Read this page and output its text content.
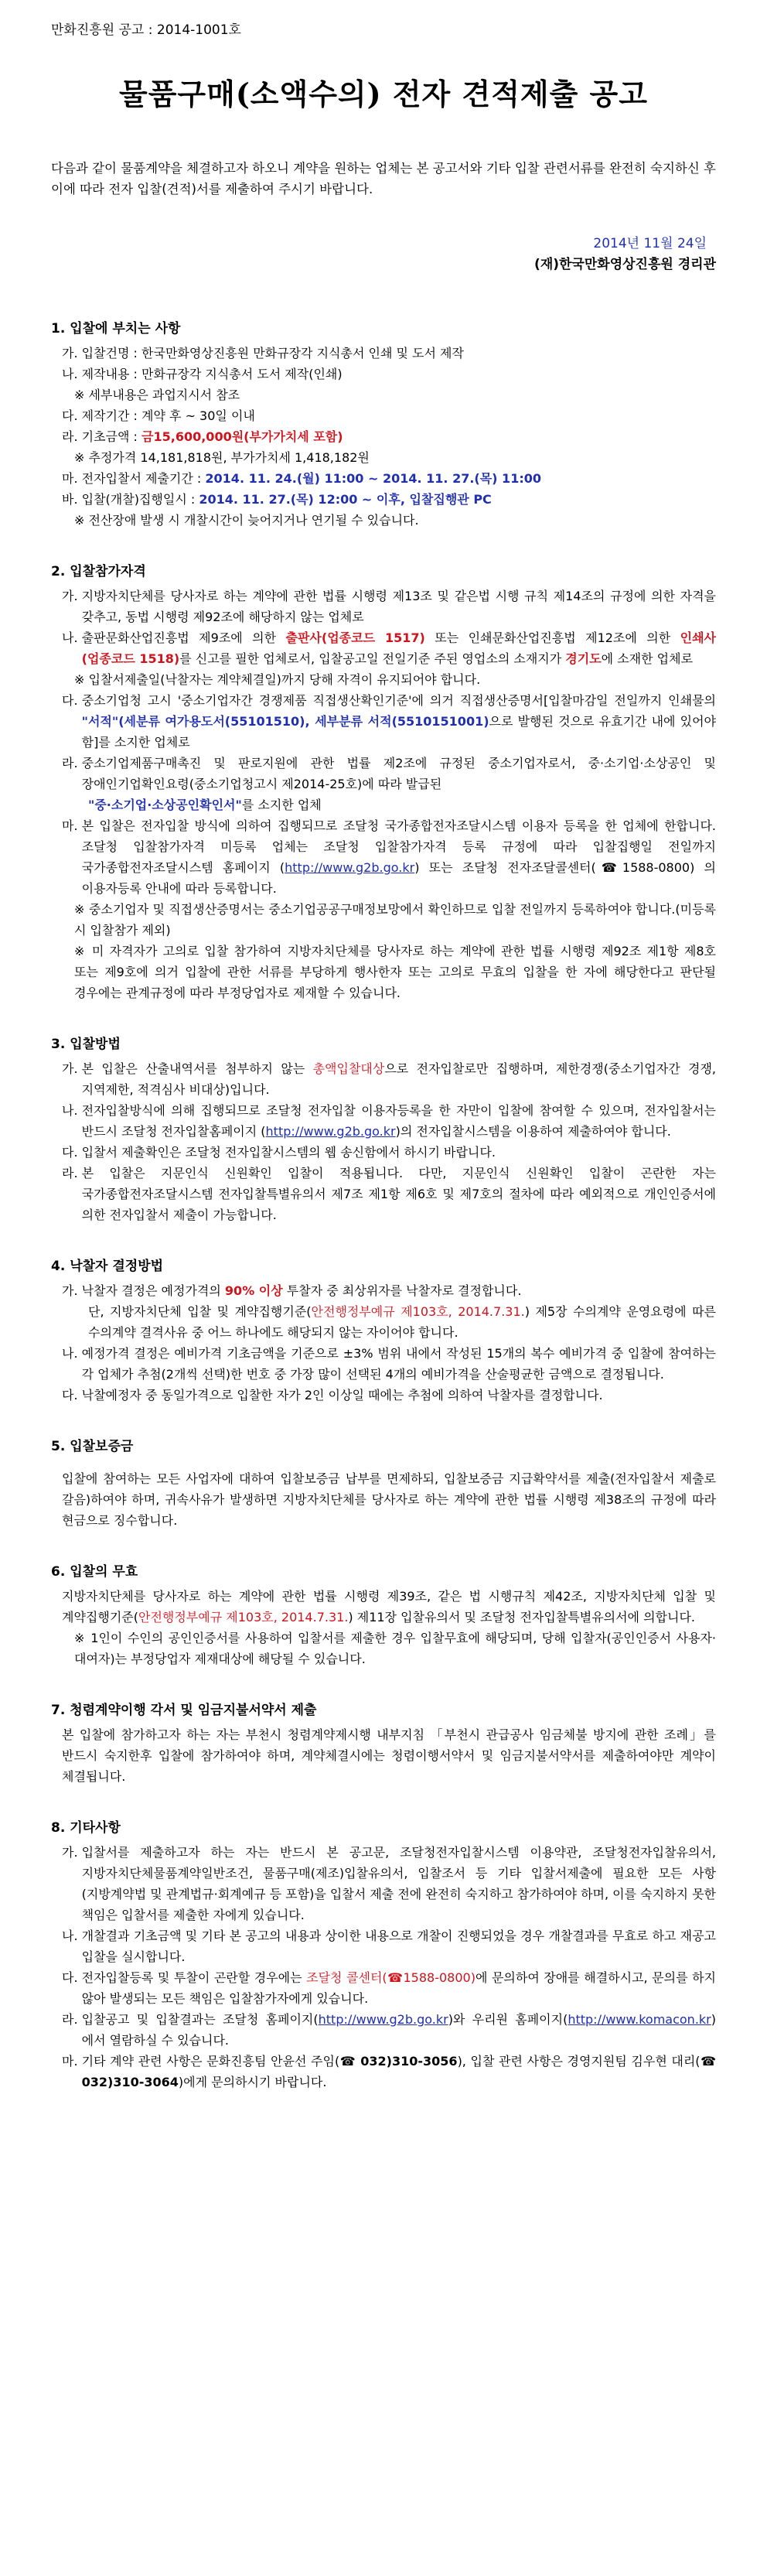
만화진흥원 공고 : 2014-1001호
물품구매(소액수의) 전자 견적제출 공고

다음과 같이 물품계약을 체결하고자 하오니 계약을 원하는 업체는 본 공고서와 기타 입찰 관련서류를 완전히 숙지하신 후 이에 따라 전자 입찰(견적)서를 제출하여 주시기 바랍니다.

2014년 11월 24일
(재)한국만화영상진흥원 경리관
1. 입찰에 부치는 사항
가. 입찰건명 : 한국만화영상진흥원 만화규장각 지식총서 인쇄 및 도서 제작
나. 제작내용 : 만화규장각 지식총서 도서 제작(인쇄)
※ 세부내용은 과업지시서 참조
다. 제작기간 : 계약 후 ~ 30일 이내
라. 기초금액 : 금15,600,000원(부가가치세 포함)
※ 추정가격 14,181,818원, 부가가치세 1,418,182원
마. 전자입찰서 제출기간 : 2014. 11. 24.(월) 11:00 ~ 2014. 11. 27.(목) 11:00
바. 입찰(개찰)집행일시 : 2014. 11. 27.(목) 12:00 ~ 이후, 입찰집행관 PC
※ 전산장애 발생 시 개찰시간이 늦어지거나 연기될 수 있습니다.
2. 입찰참가자격
가. 지방자치단체를 당사자로 하는 계약에 관한 법률 시행령 제13조 및 같은법 시행 규칙 제14조의 규정에 의한 자격을 갖추고, 동법 시행령 제92조에 해당하지 않는 업체로
나. 출판문화산업진흥법 제9조에 의한 출판사(업종코드 1517) 또는 인쇄문화산업진흥법 제12조에 의한 인쇄사(업종코드 1518)를 신고를 필한 업체로서, 입찰공고일 전일기준 주된 영업소의 소재지가 경기도에 소재한 업체로
※ 입찰서제출일(낙찰자는 계약체결일)까지 당해 자격이 유지되어야 합니다.
다. 중소기업청 고시 '중소기업자간 경쟁제품 직접생산확인기준'에 의거 직접생산증명서[입찰마감일 전일까지 인쇄물의 "서적"(세분류 여가용도서(55101510), 세부분류 서적(5510151001)으로 발행된 것으로 유효기간 내에 있어야 함]를 소지한 업체로
라. 중소기업제품구매촉진 및 판로지원에 관한 법률 제2조에 규정된 중소기업자로서, 중·소기업·소상공인 및 장애인기업확인요령(중소기업청고시 제2014-25호)에 따라 발급된
"중·소기업·소상공인확인서"를 소지한 업체
마. 본 입찰은 전자입찰 방식에 의하여 집행되므로 조달청 국가종합전자조달시스템 이용자 등록을 한 업체에 한합니다. 조달청 입찰참가자격 미등록 업체는 조달청 입찰참가자격 등록 규정에 따라 입찰집행일 전일까지 국가종합전자조달시스템 홈페이지 (http://www.g2b.go.kr) 또는 조달청 전자조달콜센터(☎1588-0800) 의 이용자등록 안내에 따라 등록합니다.
※ 중소기업자 및 직접생산증명서는 중소기업공공구매정보망에서 확인하므로 입찰 전일까지 등록하여야 합니다.(미등록 시 입찰참가 제외)
※ 미 자격자가 고의로 입찰 참가하여 지방자치단체를 당사자로 하는 계약에 관한 법률 시행령 제92조 제1항 제8호 또는 제9호에 의거 입찰에 관한 서류를 부당하게 행사한자 또는 고의로 무효의 입찰을 한 자에 해당한다고 판단될 경우에는 관계규정에 따라 부정당업자로 제재할 수 있습니다.
3. 입찰방법
가. 본 입찰은 산출내역서를 첨부하지 않는 총액입찰대상으로 전자입찰로만 집행하며, 제한경쟁(중소기업자간 경쟁, 지역제한, 적격심사 비대상)입니다.
나. 전자입찰방식에 의해 집행되므로 조달청 전자입찰 이용자등록을 한 자만이 입찰에 참여할 수 있으며, 전자입찰서는 반드시 조달청 전자입찰홈페이지 (http://www.g2b.go.kr)의 전자입찰시스템을 이용하여 제출하여야 합니다.
다. 입찰서 제출확인은 조달청 전자입찰시스템의 웹 송신함에서 하시기 바랍니다.
라. 본 입찰은 지문인식 신원확인 입찰이 적용됩니다. 다만, 지문인식 신원확인 입찰이 곤란한 자는 국가종합전자조달시스템 전자입찰특별유의서 제7조 제1항 제6호 및 제7호의 절차에 따라 예외적으로 개인인증서에 의한 전자입찰서 제출이 가능합니다.
4. 낙찰자 결정방법
가. 낙찰자 결정은 예정가격의 90% 이상 투찰자 중 최상위자를 낙찰자로 결정합니다.
단, 지방자치단체 입찰 및 계약집행기준(안전행정부예규 제103호, 2014.7.31.) 제5장 수의계약 운영요령에 따른 수의계약 결격사유 중 어느 하나에도 해당되지 않는 자이어야 합니다.
나. 예정가격 결정은 예비가격 기초금액을 기준으로 ±3% 범위 내에서 작성된 15개의 복수 예비가격 중 입찰에 참여하는 각 업체가 추첨(2개씩 선택)한 번호 중 가장 많이 선택된 4개의 예비가격을 산술평균한 금액으로 결정됩니다.
다. 낙찰예정자 중 동일가격으로 입찰한 자가 2인 이상일 때에는 추첨에 의하여 낙찰자를 결정합니다.
5. 입찰보증금
입찰에 참여하는 모든 사업자에 대하여 입찰보증금 납부를 면제하되, 입찰보증금 지급확약서를 제출(전자입찰서 제출로 갈음)하여야 하며, 귀속사유가 발생하면 지방자치단체를 당사자로 하는 계약에 관한 법률 시행령 제38조의 규정에 따라 현금으로 징수합니다.
6. 입찰의 무효
지방자치단체를 당사자로 하는 계약에 관한 법률 시행령 제39조, 같은 법 시행규칙 제42조, 지방자치단체 입찰 및 계약집행기준(안전행정부예규 제103호, 2014.7.31.) 제11장 입찰유의서 및 조달청 전자입찰특별유의서에 의합니다.
※ 1인이 수인의 공인인증서를 사용하여 입찰서를 제출한 경우 입찰무효에 해당되며, 당해 입찰자(공인인증서 사용자·대여자)는 부정당업자 제재대상에 해당될 수 있습니다.
7. 청렴계약이행 각서 및 임금지불서약서 제출
본 입찰에 참가하고자 하는 자는 부천시 청렴계약제시행 내부지침 「부천시 관급공사 임금체불 방지에 관한 조례」를 반드시 숙지한후 입찰에 참가하여야 하며, 계약체결시에는 청렴이행서약서 및 임금지불서약서를 제출하여야만 계약이 체결됩니다.
8. 기타사항
가. 입찰서를 제출하고자 하는 자는 반드시 본 공고문, 조달청전자입찰시스템 이용약관, 조달청전자입찰유의서, 지방자치단체물품계약일반조건, 물품구매(제조)입찰유의서, 입찰조서 등 기타 입찰서제출에 필요한 모든 사항(지방계약법 및 관계법규·회계예규 등 포함)을 입찰서 제출 전에 완전히 숙지하고 참가하여야 하며, 이를 숙지하지 못한 책임은 입찰서를 제출한 자에게 있습니다.
나. 개찰결과 기초금액 및 기타 본 공고의 내용과 상이한 내용으로 개찰이 진행되었을 경우 개찰결과를 무효로 하고 재공고 입찰을 실시합니다.
다. 전자입찰등록 및 투찰이 곤란할 경우에는 조달청 콜센터(☎1588-0800)에 문의하여 장애를 해결하시고, 문의를 하지 않아 발생되는 모든 책임은 입찰참가자에게 있습니다.
라. 입찰공고 및 입찰결과는 조달청 홈페이지(http://www.g2b.go.kr)와 우리원 홈페이지(http://www.komacon.kr)에서 열람하실 수 있습니다.
마. 기타 계약 관련 사항은 문화진흥팀 안윤선 주임(☎ 032)310-3056), 입찰 관련 사항은 경영지원팀 김우현 대리(☎ 032)310-3064)에게 문의하시기 바랍니다.
